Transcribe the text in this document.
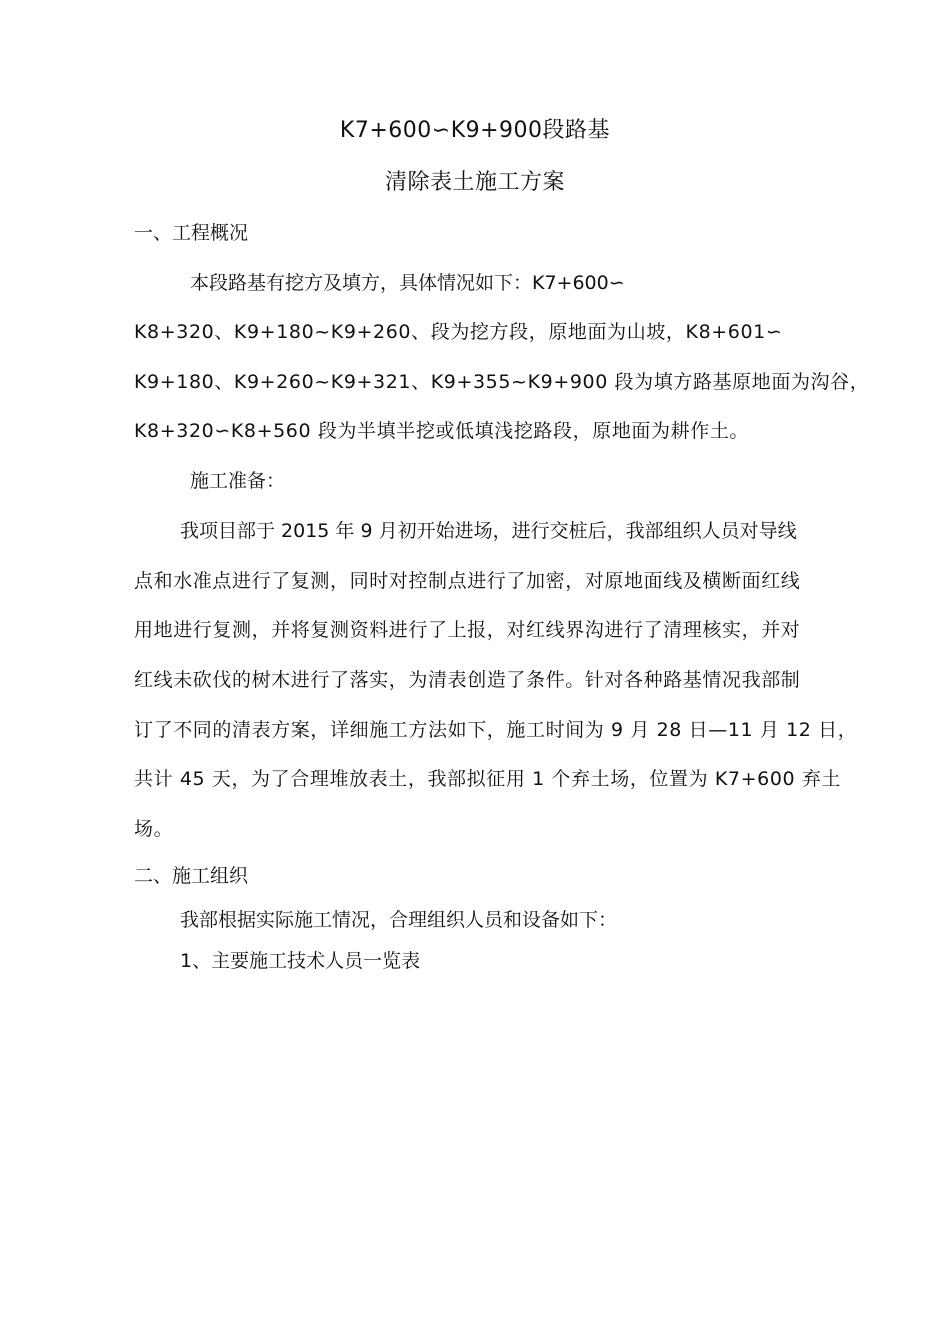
K7+600∽K9+900段路基
清除表土施工方案
一、工程概况
本段路基有挖方及填方，具体情况如下：K7+600∽
K8+320、K9+180~K9+260、段为挖方段，原地面为山坡，K8+601∽
K9+180、K9+260~K9+321、K9+355~K9+900 段为填方路基原地面为沟谷，
K8+320∽K8+560 段为半填半挖或低填浅挖路段，原地面为耕作土。
施工准备：
我项目部于 2015 年 9 月初开始进场，进行交桩后，我部组织人员对导线
点和水准点进行了复测，同时对控制点进行了加密，对原地面线及横断面红线
用地进行复测，并将复测资料进行了上报，对红线界沟进行了清理核实，并对
红线未砍伐的树木进行了落实，为清表创造了条件。针对各种路基情况我部制
订了不同的清表方案，详细施工方法如下，施工时间为 9 月 28 日—11 月 12 日，
共计 45 天，为了合理堆放表土，我部拟征用 1 个弃土场，位置为 K7+600 弃土
场。
二、施工组织
我部根据实际施工情况，合理组织人员和设备如下：
1、主要施工技术人员一览表
